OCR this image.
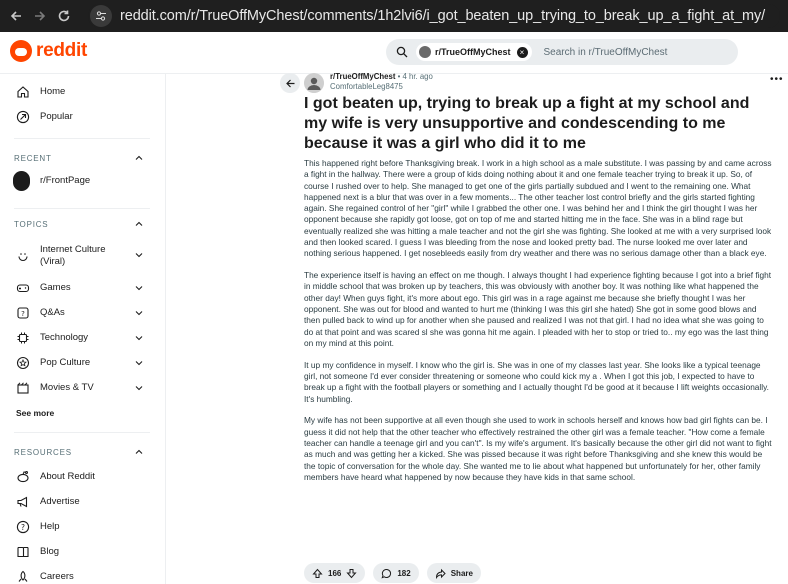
reddit.com/r/TrueOffMyChest/comments/1h2lvi6/i_got_beaten_up_trying_to_break_up_a_fight_at_my/
reddit	r/TrueOffMyChest	×	Search in r/TrueOffMyChest
Home
Popular
RECENT
r/FrontPage
TOPICS
Internet Culture
(Viral)
Games
? Q&As
Technology
Pop Culture
Movies & TV
See more
RESOURCES
About Reddit
Advertise
? Help
Blog
Careers
r/TrueOffMyChest • 4 hr. ago
ComfortableLeg8475
•••
I got beaten up, trying to break up a fight at my school and my wife is very unsupportive and condescending to me because it was a girl who did it to me

This happened right before Thanksgiving break. I work in a high school as a male substitute. I was passing by and came across a fight in the hallway. There were a group of kids doing nothing about it and one female teacher trying to break it up. So, of course I rushed over to help. She managed to get one of the girls partially subdued and I went to the remaining one. What happened next is a blur that was over in a few moments... The other teacher lost control briefly and the girls started fighting again. She regained control of her "girl" while I grabbed the other one. I was behind her and I think the girl thought I was her opponent because she rapidly got loose, got on top of me and started hitting me in the face. She was in a blind rage but eventually realized she was hitting a male teacher and not the girl she was fighting. She looked at me with a very surprised look and then looked scared. I guess I was bleeding from the nose and looked pretty bad. The nurse looked me over later and nothing serious happened. I get nosebleeds easily from dry weather and there was no serious damage other than a black eye.

The experience itself is having an effect on me though. I always thought I had experience fighting because I got into a brief fight in middle school that was broken up by teachers, this was obviously with another boy. It was nothing like what happened the other day! When guys fight, it's more about ego. This girl was in a rage against me because she briefly thought I was her opponent. She was out for blood and wanted to hurt me (thinking I was this girl she hated) She got in some good blows and then pulled back to wind up for another when she paused and realized I was not that girl. I had no idea what she was going to do at that point and was scared sl she was gonna hit me again. I pleaded with her to stop or tried to.. my ego was the last thing on my mind at this point.

It up my confidence in myself. I know who the girl is. She was in one of my classes last year. She looks like a typical teenage girl, not someone I'd ever consider threatening or someone who could kick my a . When I got this job, I expected to have to break up a fight with the football players or something and I actually thought I'd be good at it because I lift weights occasionally. It's humbling.

My wife has not been supportive at all even though she used to work in schools herself and knows how bad girl fights can be. I guess it did not help that the other teacher who effectively restrained the other girl was a female teacher. "How come a female teacher can handle a teenage girl and you can't". Is my wife's argument. It's basically because the other girl did not want to fight as much and was getting her a kicked. She was pissed because it was right before Thanksgiving and she knew this would be the topic of conversation for the whole day. She wanted me to lie about what happened but unfortunately for her, other family members have heard what happened by now because they have kids in that same school.

166	182	Share
